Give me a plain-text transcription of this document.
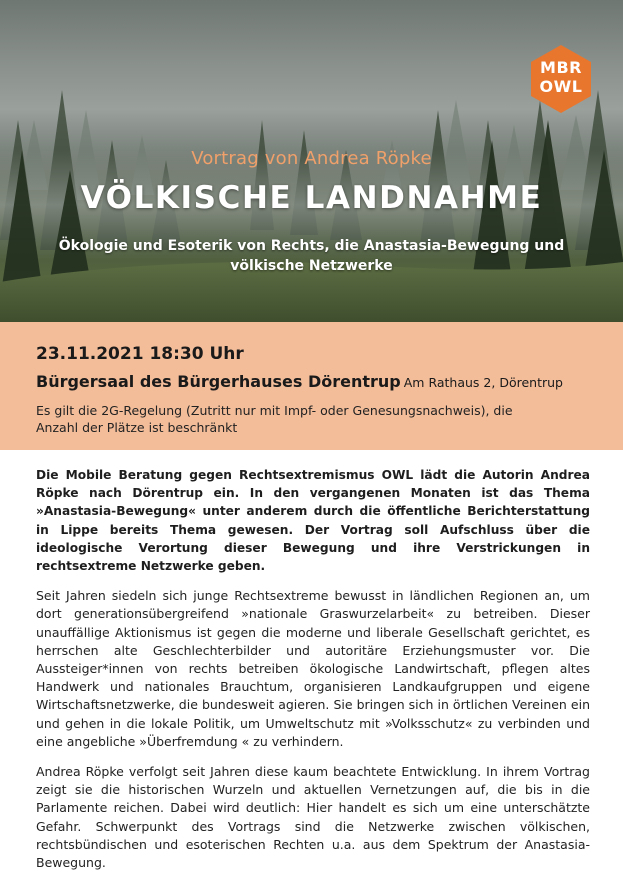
MBR
OWL
Vortrag von Andrea Röpke
VÖLKISCHE LANDNAHME
Ökologie und Esoterik von Rechts, die Anastasia-Bewegung und völkische Netzwerke
23.11.2021 18:30 Uhr
Bürgersaal des Bürgerhauses Dörentrup Am Rathaus 2, Dörentrup
Es gilt die 2G-Regelung (Zutritt nur mit Impf- oder Genesungsnachweis), die Anzahl der Plätze ist beschränkt

Die Mobile Beratung gegen Rechtsextremismus OWL lädt die Autorin Andrea Röpke nach Dörentrup ein. In den vergangenen Monaten ist das Thema »Anastasia-Bewegung« unter anderem durch die öffentliche Berichterstattung in Lippe bereits Thema gewesen. Der Vortrag soll Aufschluss über die ideologische Verortung dieser Bewegung und ihre Verstrickungen in rechtsextreme Netzwerke geben.

Seit Jahren siedeln sich junge Rechtsextreme bewusst in ländlichen Regionen an, um dort generationsübergreifend »nationale Graswurzelarbeit« zu betreiben. Dieser unauffällige Aktionismus ist gegen die moderne und liberale Gesellschaft gerichtet, es herrschen alte Geschlechterbilder und autoritäre Erziehungsmuster vor. Die Aussteiger*innen von rechts betreiben ökologische Landwirtschaft, pflegen altes Handwerk und nationales Brauchtum, organisieren Landkaufgruppen und eigene Wirtschaftsnetzwerke, die bundesweit agieren. Sie bringen sich in örtlichen Vereinen ein und gehen in die lokale Politik, um Umweltschutz mit »Volksschutz« zu verbinden und eine angebliche »Überfremdung « zu verhindern.

Andrea Röpke verfolgt seit Jahren diese kaum beachtete Entwicklung. In ihrem Vortrag zeigt sie die historischen Wurzeln und aktuellen Vernetzungen auf, die bis in die Parlamente reichen. Dabei wird deutlich: Hier handelt es sich um eine unterschätzte Gefahr. Schwerpunkt des Vortrags sind die Netzwerke zwischen völkischen, rechtsbündischen und esoterischen Rechten u.a. aus dem Spektrum der Anastasia-Bewegung.
